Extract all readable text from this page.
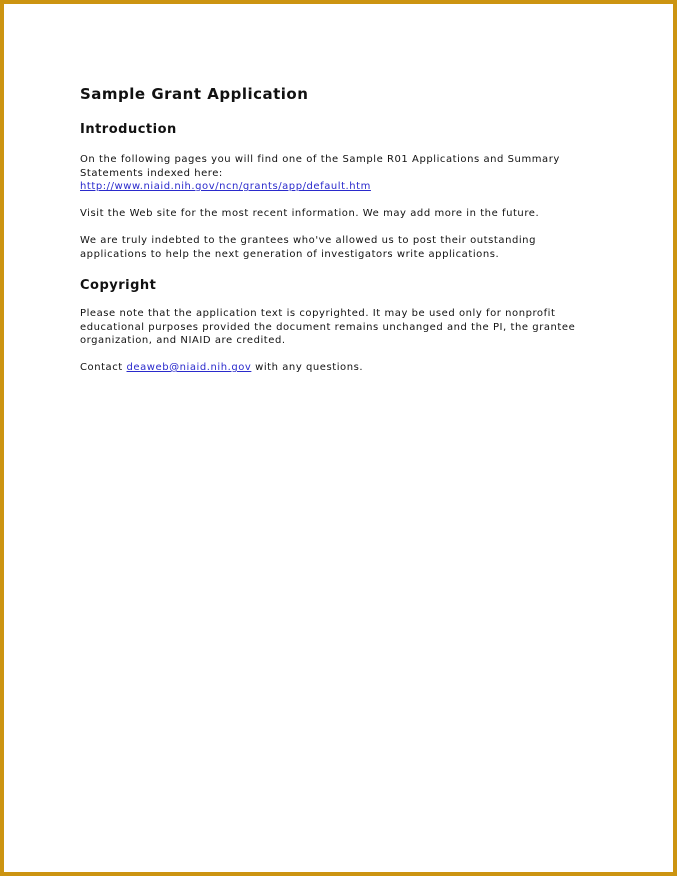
Sample Grant Application
Introduction

On the following pages you will find one of the Sample R01 Applications and Summary Statements indexed here:
http://www.niaid.nih.gov/ncn/grants/app/default.htm

Visit the Web site for the most recent information. We may add more in the future.

We are truly indebted to the grantees who've allowed us to post their outstanding applications to help the next generation of investigators write applications.

Copyright

Please note that the application text is copyrighted. It may be used only for nonprofit educational purposes provided the document remains unchanged and the PI, the grantee organization, and NIAID are credited.

Contact deaweb@niaid.nih.gov with any questions.
